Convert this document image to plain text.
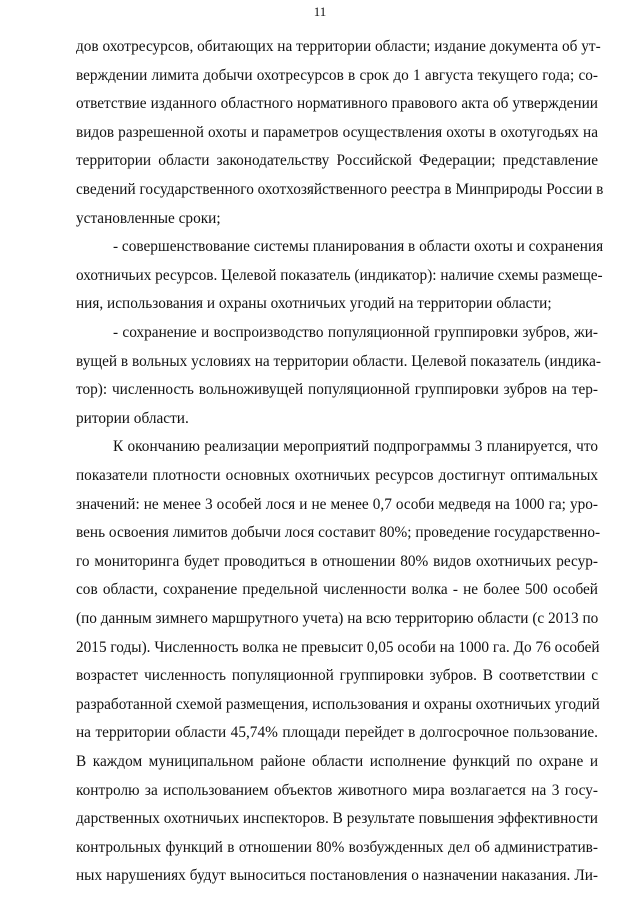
11
дов охотресурсов, обитающих на территории области; издание документа об ут-
верждении лимита добычи охотресурсов в срок до 1 августа текущего года; со-
ответствие изданного областного нормативного правового акта об утверждении
видов разрешенной охоты и параметров осуществления охоты в охотугодьях на
территории области законодательству Российской Федерации; представление
сведений государственного охотхозяйственного реестра в Минприроды России в
установленные сроки;
- совершенствование системы планирования в области охоты и сохранения
охотничьих ресурсов. Целевой показатель (индикатор): наличие схемы размеще-
ния, использования и охраны охотничьих угодий на территории области;
- сохранение и воспроизводство популяционной группировки зубров, жи-
вущей в вольных условиях на территории области. Целевой показатель (индика-
тор): численность вольноживущей популяционной группировки зубров на тер-
ритории области.
К окончанию реализации мероприятий подпрограммы 3 планируется, что
показатели плотности основных охотничьих ресурсов достигнут оптимальных
значений: не менее 3 особей лося и не менее 0,7 особи медведя на 1000 га; уро-
вень освоения лимитов добычи лося составит 80%; проведение государственно-
го мониторинга будет проводиться в отношении 80% видов охотничьих ресур-
сов области, сохранение предельной численности волка - не более 500 особей
(по данным зимнего маршрутного учета) на всю территорию области (с 2013 по
2015 годы). Численность волка не превысит 0,05 особи на 1000 га. До 76 особей
возрастет численность популяционной группировки зубров. В соответствии с
разработанной схемой размещения, использования и охраны охотничьих угодий
на территории области 45,74% площади перейдет в долгосрочное пользование.
В каждом муниципальном районе области исполнение функций по охране и
контролю за использованием объектов животного мира возлагается на 3 госу-
дарственных охотничьих инспекторов. В результате повышения эффективности
контрольных функций в отношении 80% возбужденных дел об административ-
ных нарушениях будут выноситься постановления о назначении наказания. Ли-
